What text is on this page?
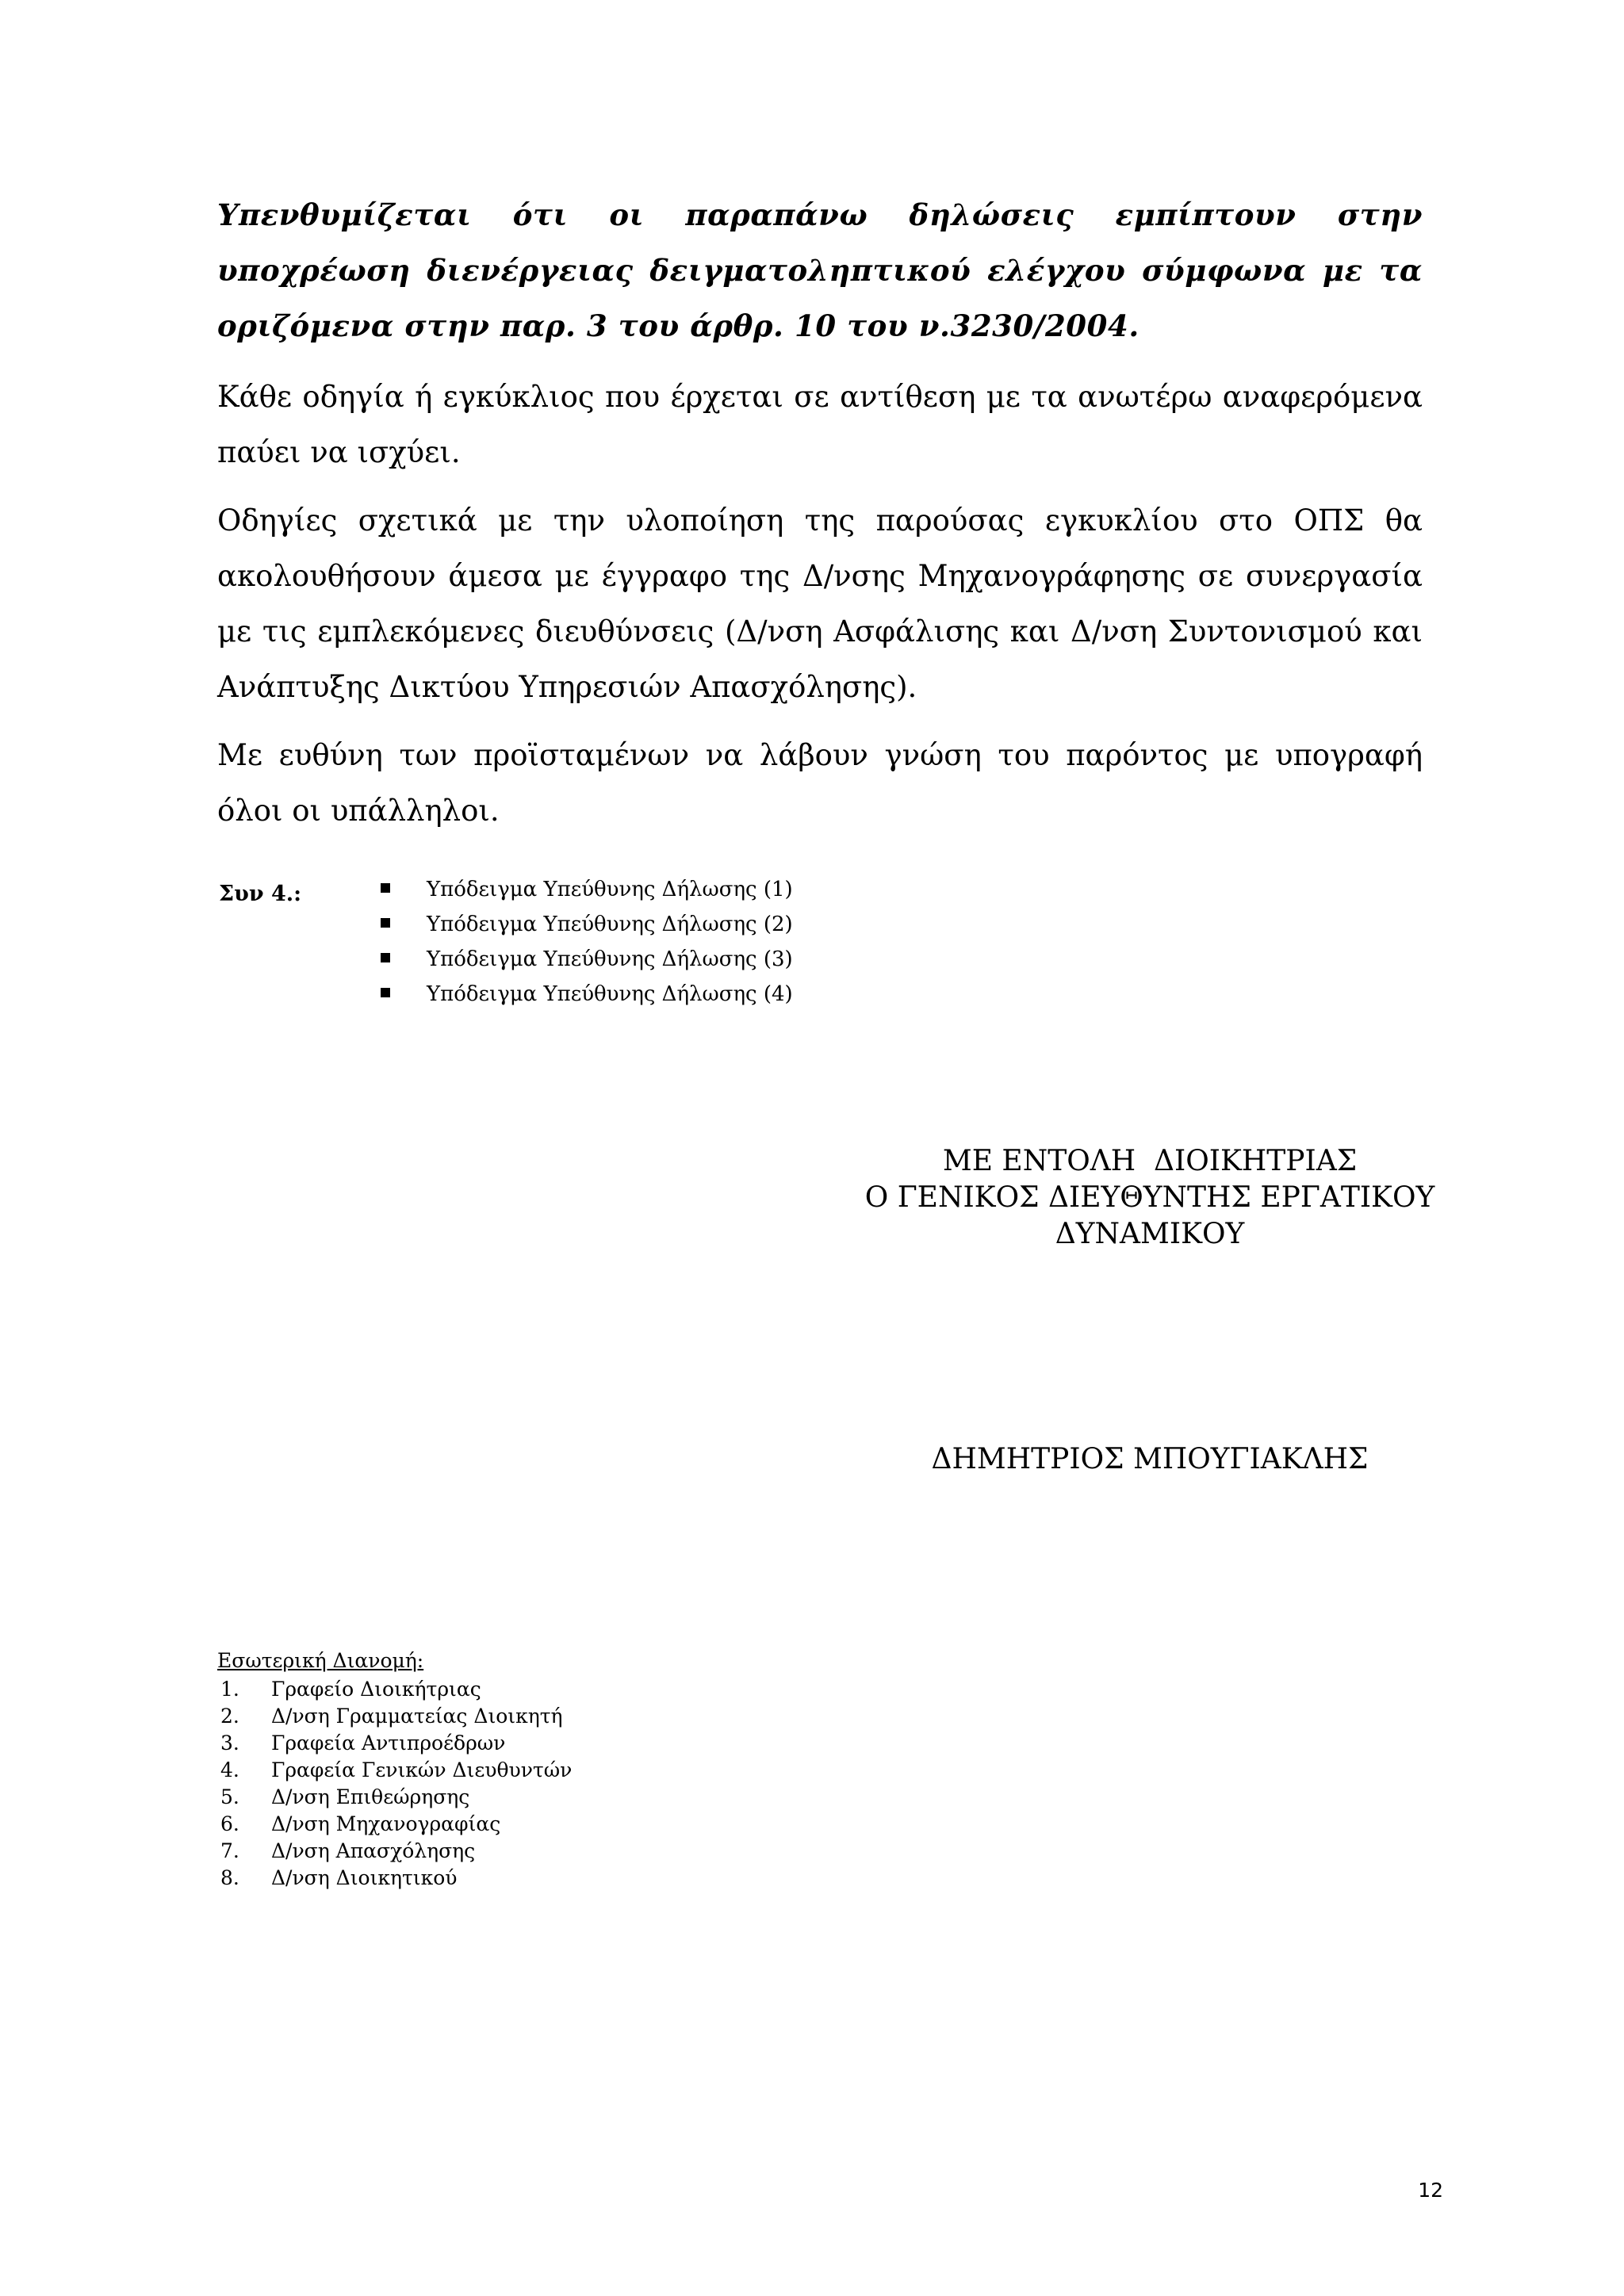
Υπενθυμίζεται ότι οι παραπάνω δηλώσεις εμπίπτουν στην υποχρέωση διενέργειας δειγματοληπτικού ελέγχου σύμφωνα με τα οριζόμενα στην παρ. 3 του άρθρ. 10 του ν.3230/2004.

Κάθε οδηγία ή εγκύκλιος που έρχεται σε αντίθεση με τα ανωτέρω αναφερόμενα παύει να ισχύει.

Οδηγίες σχετικά με την υλοποίηση της παρούσας εγκυκλίου στο ΟΠΣ θα ακολουθήσουν άμεσα με έγγραφο της Δ/νσης Μηχανογράφησης σε συνεργασία με τις εμπλεκόμενες διευθύνσεις (Δ/νση Ασφάλισης και Δ/νση Συντονισμού και Ανάπτυξης Δικτύου Υπηρεσιών Απασχόλησης).

Με ευθύνη των προϊσταμένων να λάβουν γνώση του παρόντος με υπογραφή όλοι οι υπάλληλοι.

Συν 4.:	Υπόδειγμα Υπεύθυνης Δήλωσης (1)
Υπόδειγμα Υπεύθυνης Δήλωσης (2)
Υπόδειγμα Υπεύθυνης Δήλωσης (3)
Υπόδειγμα Υπεύθυνης Δήλωσης (4)
ΜΕ ΕΝΤΟΛΗ  ΔΙΟΙΚΗΤΡΙΑΣ
Ο ΓΕΝΙΚΟΣ ΔΙΕΥΘΥΝΤΗΣ ΕΡΓΑΤΙΚΟΥ
ΔΥΝΑΜΙΚΟΥ
ΔΗΜΗΤΡΙΟΣ ΜΠΟΥΓΙΑΚΛΗΣ
Εσωτερική Διανομή:
1. Γραφείο Διοικήτριας
2. Δ/νση Γραμματείας Διοικητή
3. Γραφεία Αντιπροέδρων
4. Γραφεία Γενικών Διευθυντών
5. Δ/νση Επιθεώρησης
6. Δ/νση Μηχανογραφίας
7. Δ/νση Απασχόλησης
8. Δ/νση Διοικητικού
12
